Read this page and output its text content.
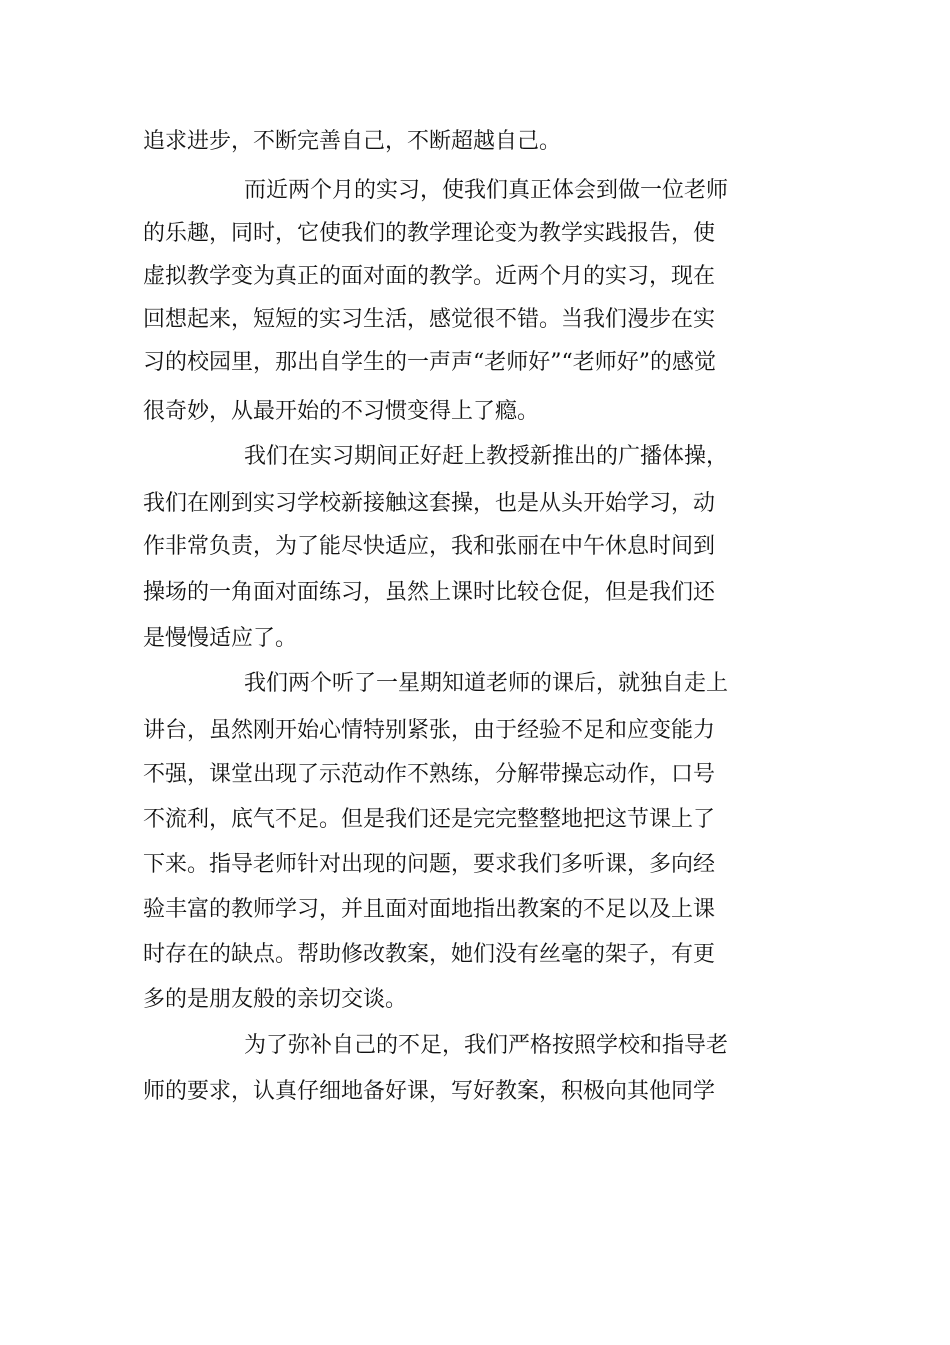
追求进步，不断完善自己，不断超越自己。

而近两个月的实习，使我们真正体会到做一位老师

的乐趣，同时，它使我们的教学理论变为教学实践报告，使

虚拟教学变为真正的面对面的教学。近两个月的实习，现在

回想起来，短短的实习生活，感觉很不错。当我们漫步在实

习的校园里，那出自学生的一声声“老师好”“老师好”的感觉

很奇妙，从最开始的不习惯变得上了瘾。

我们在实习期间正好赶上教授新推出的广播体操，

我们在刚到实习学校新接触这套操，也是从头开始学习，动

作非常负责，为了能尽快适应，我和张丽在中午休息时间到

操场的一角面对面练习，虽然上课时比较仓促，但是我们还

是慢慢适应了。

我们两个听了一星期知道老师的课后，就独自走上

讲台，虽然刚开始心情特别紧张，由于经验不足和应变能力

不强，课堂出现了示范动作不熟练，分解带操忘动作，口号

不流利，底气不足。但是我们还是完完整整地把这节课上了

下来。指导老师针对出现的问题，要求我们多听课，多向经

验丰富的教师学习，并且面对面地指出教案的不足以及上课

时存在的缺点。帮助修改教案，她们没有丝毫的架子，有更

多的是朋友般的亲切交谈。

为了弥补自己的不足，我们严格按照学校和指导老

师的要求，认真仔细地备好课，写好教案，积极向其他同学
